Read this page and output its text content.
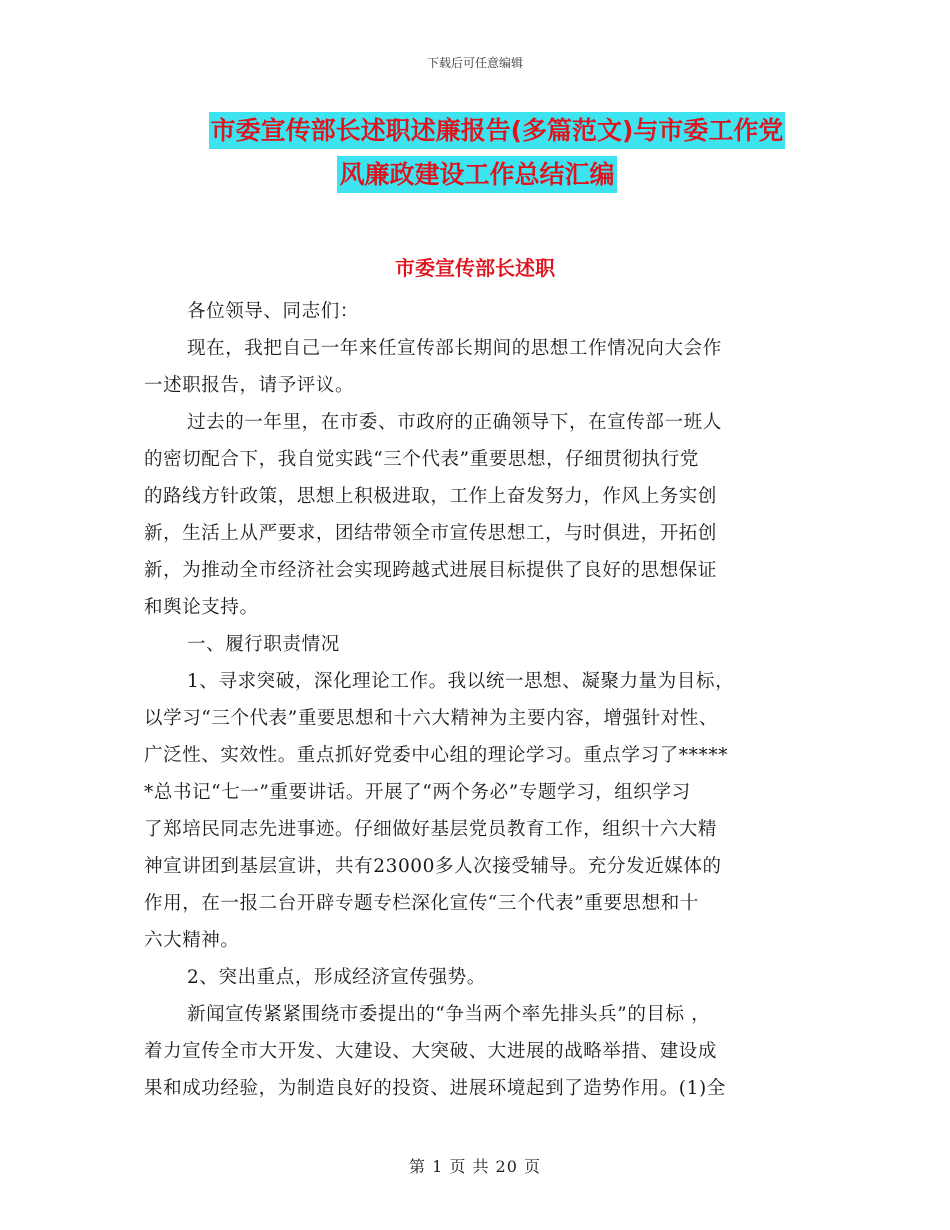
下载后可任意编辑
市委宣传部长述职述廉报告(多篇范文)与市委工作党
风廉政建设工作总结汇编
市委宣传部长述职
各位领导、同志们：
现在，我把自己一年来任宣传部长期间的思想工作情况向大会作
一述职报告，请予评议。
过去的一年里，在市委、市政府的正确领导下，在宣传部一班人
的密切配合下，我自觉实践“三个代表”重要思想，仔细贯彻执行党
的路线方针政策，思想上积极进取，工作上奋发努力，作风上务实创
新，生活上从严要求，团结带领全市宣传思想工，与时俱进，开拓创
新，为推动全市经济社会实现跨越式进展目标提供了良好的思想保证
和舆论支持。
一、履行职责情况
1、寻求突破，深化理论工作。我以统一思想、凝聚力量为目标，
以学习“三个代表”重要思想和十六大精神为主要内容，增强针对性、
广泛性、实效性。重点抓好党委中心组的理论学习。重点学习了*****
*总书记“七一”重要讲话。开展了“两个务必”专题学习，组织学习
了郑培民同志先进事迹。仔细做好基层党员教育工作，组织十六大精
神宣讲团到基层宣讲，共有23000多人次接受辅导。充分发近媒体的
作用，在一报二台开辟专题专栏深化宣传“三个代表”重要思想和十
六大精神。
2、突出重点，形成经济宣传强势。
新闻宣传紧紧围绕市委提出的“争当两个率先排头兵”的目标 ，
着力宣传全市大开发、大建设、大突破、大进展的战略举措、建设成
果和成功经验，为制造良好的投资、进展环境起到了造势作用。(1)全
第 1 页 共 20 页
